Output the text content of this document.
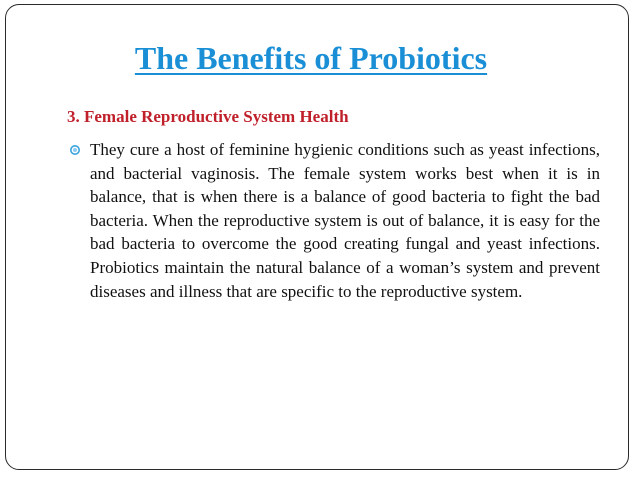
The Benefits of Probiotics
3. Female Reproductive System Health
They cure a host of feminine hygienic conditions such as yeast infections, and bacterial vaginosis. The female system works best when it is in balance, that is when there is a balance of good bacteria to fight the bad bacteria. When the reproductive system is out of balance, it is easy for the bad bacteria to overcome the good creating fungal and yeast infections. Probiotics maintain the natural balance of a woman’s system and prevent diseases and illness that are specific to the reproductive system.
